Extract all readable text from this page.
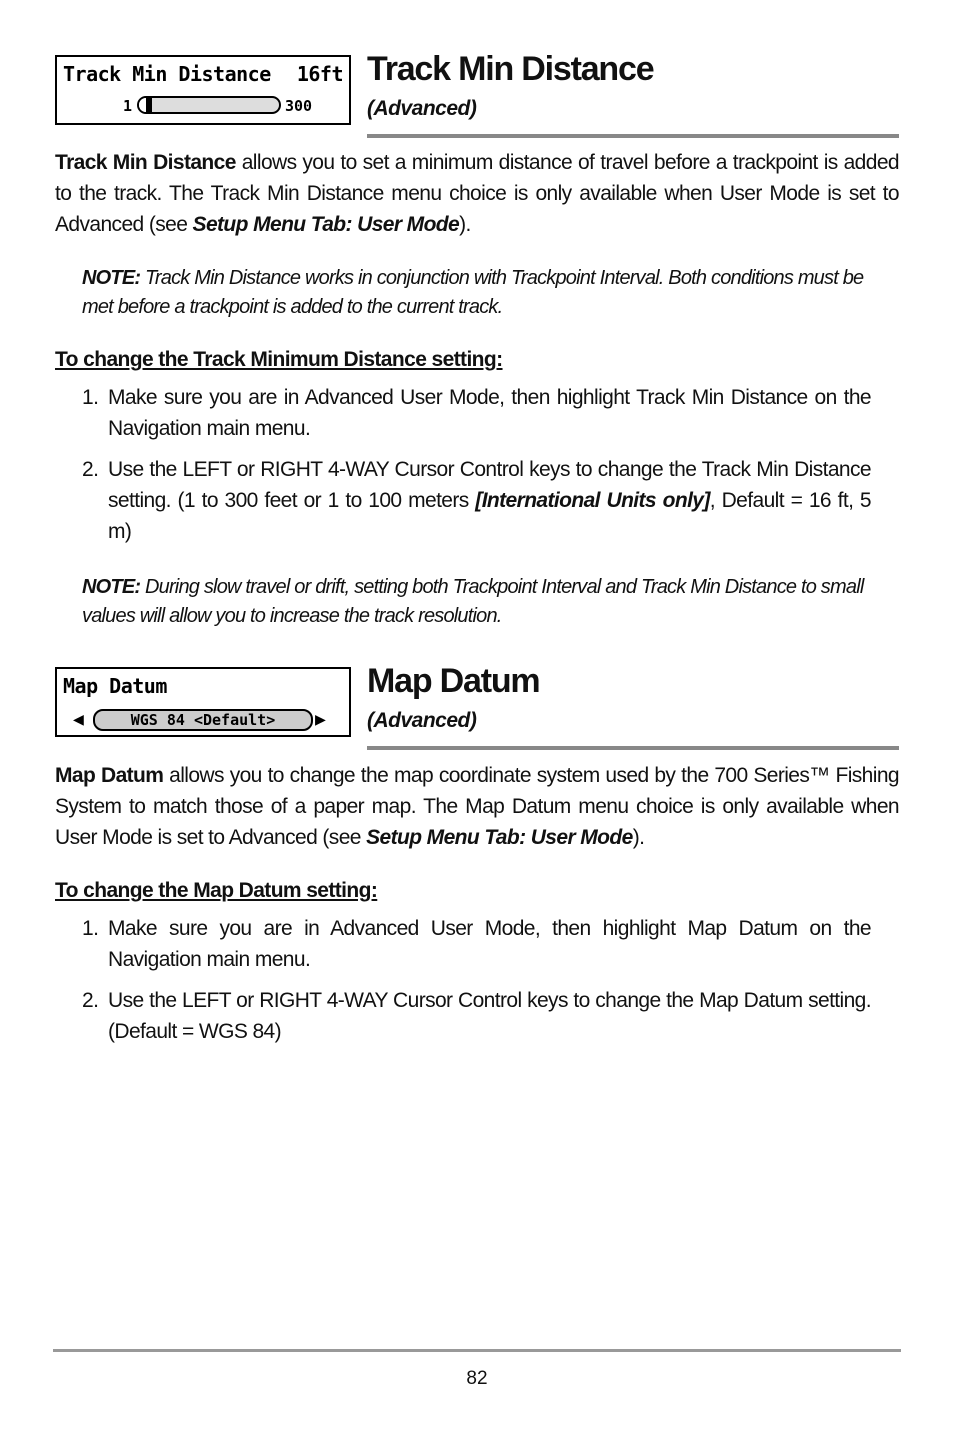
Track Min Distance 16ft
1	300
Track Min Distance
(Advanced)

Track Min Distance allows you to set a minimum distance of travel before a trackpoint is added to the track. The Track Min Distance menu choice is only available when User Mode is set to Advanced (see Setup Menu Tab: User Mode).

NOTE: Track Min Distance works in conjunction with Trackpoint Interval. Both conditions must be met before a trackpoint is added to the current track.
To change the Track Minimum Distance setting:
1. Make sure you are in Advanced User Mode, then highlight Track Min Distance on the Navigation main menu.
2. Use the LEFT or RIGHT 4-WAY Cursor Control keys to change the Track Min Distance setting. (1 to 300 feet or 1 to 100 meters [International Units only], Default = 16 ft, 5 m)
NOTE: During slow travel or drift, setting both Trackpoint Interval and Track Min Distance to small values will allow you to increase the track resolution.
Map Datum
◀	WGS 84 <Default>	▶
Map Datum
(Advanced)

Map Datum allows you to change the map coordinate system used by the 700 Series™ Fishing System to match those of a paper map. The Map Datum menu choice is only available when User Mode is set to Advanced (see Setup Menu Tab: User Mode).

To change the Map Datum setting:
1. Make sure you are in Advanced User Mode, then highlight Map Datum on the Navigation main menu.
2. Use the LEFT or RIGHT 4-WAY Cursor Control keys to change the Map Datum setting. (Default = WGS 84)
82
